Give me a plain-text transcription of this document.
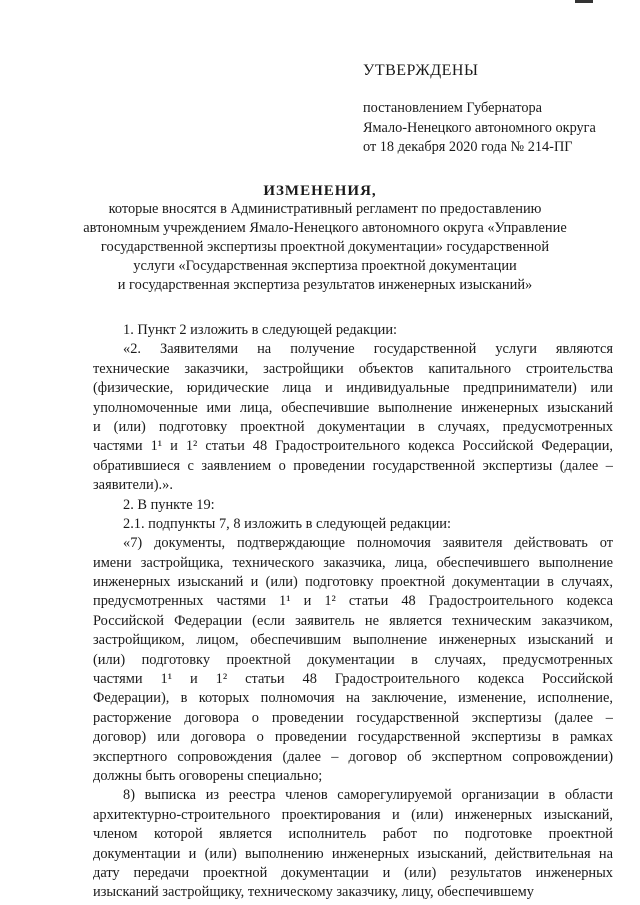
УТВЕРЖДЕНЫ
постановлением Губернатора
Ямало-Ненецкого автономного округа
от 18 декабря 2020 года № 214-ПГ
ИЗМЕНЕНИЯ,
которые вносятся в Административный регламент по предоставлению
автономным учреждением Ямало-Ненецкого автономного округа «Управление
государственной экспертизы проектной документации» государственной
услуги «Государственная экспертиза проектной документации
и государственная экспертиза результатов инженерных изысканий»
1. Пункт 2 изложить в следующей редакции:
«2. Заявителями на получение государственной услуги являются
технические заказчики, застройщики объектов капитального строительства
(физические, юридические лица и индивидуальные предприниматели) или
уполномоченные ими лица, обеспечившие выполнение инженерных изысканий
и (или) подготовку проектной документации в случаях, предусмотренных
частями 1¹ и 1² статьи 48 Градостроительного кодекса Российской Федерации,
обратившиеся с заявлением о проведении государственной экспертизы (далее –
заявители).».
2. В пункте 19:
2.1. подпункты 7, 8 изложить в следующей редакции:
«7) документы, подтверждающие полномочия заявителя действовать от
имени застройщика, технического заказчика, лица, обеспечившего выполнение
инженерных изысканий и (или) подготовку проектной документации в случаях,
предусмотренных частями 1¹ и 1² статьи 48 Градостроительного кодекса
Российской Федерации (если заявитель не является техническим заказчиком,
застройщиком, лицом, обеспечившим выполнение инженерных изысканий и
(или) подготовку проектной документации в случаях, предусмотренных
частями 1¹ и 1² статьи 48 Градостроительного кодекса Российской
Федерации), в которых полномочия на заключение, изменение, исполнение,
расторжение договора о проведении государственной экспертизы (далее –
договор) или договора о проведении государственной экспертизы в рамках
экспертного сопровождения (далее – договор об экспертном сопровождении)
должны быть оговорены специально;
8) выписка из реестра членов саморегулируемой организации в области
архитектурно-строительного проектирования и (или) инженерных изысканий,
членом которой является исполнитель работ по подготовке проектной
документации и (или) выполнению инженерных изысканий, действительная на
дату передачи проектной документации и (или) результатов инженерных
изысканий застройщику, техническому заказчику, лицу, обеспечившему
